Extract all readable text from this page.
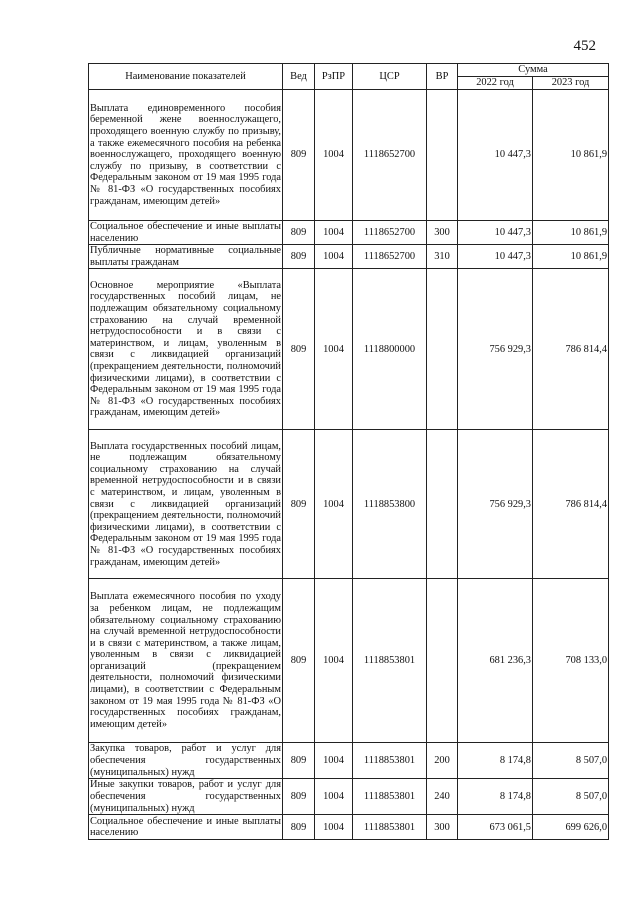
452
Наименование показателей	Вед	РзПР	ЦСР	ВР	Сумма	
					2022 год	2023 год
Выплата единовременного пособия беременной жене военнослужащего, проходящего военную службу по призыву, а также ежемесячного пособия на ребенка военнослужащего, проходящего военную службу по призыву, в соответствии с Федеральным законом от 19 мая 1995 года № 81-ФЗ «О государственных пособиях гражданам, имеющим детей»	809	1004	1118652700		10 447,3	10 861,9
Социальное обеспечение и иные выплаты населению	809	1004	1118652700	300	10 447,3	10 861,9
Публичные нормативные социальные выплаты гражданам	809	1004	1118652700	310	10 447,3	10 861,9
Основное мероприятие «Выплата государственных пособий лицам, не подлежащим обязательному социальному страхованию на случай временной нетрудоспособности и в связи с материнством, и лицам, уволенным в связи с ликвидацией организаций (прекращением деятельности, полномочий физическими лицами), в соответствии с Федеральным законом от 19 мая 1995 года № 81-ФЗ «О государственных пособиях гражданам, имеющим детей»	809	1004	1118800000		756 929,3	786 814,4
Выплата государственных пособий лицам, не подлежащим обязательному социальному страхованию на случай временной нетрудоспособности и в связи с материнством, и лицам, уволенным в связи с ликвидацией организаций (прекращением деятельности, полномочий физическими лицами), в соответствии с Федеральным законом от 19 мая 1995 года № 81-ФЗ «О государственных пособиях гражданам, имеющим детей»	809	1004	1118853800		756 929,3	786 814,4
Выплата ежемесячного пособия по уходу за ребенком лицам, не подлежащим обязательному социальному страхованию на случай временной нетрудоспособности и в связи с материнством, а также лицам, уволенным в связи с ликвидацией организаций (прекращением деятельности, полномочий физическими лицами), в соответствии с Федеральным законом от 19 мая 1995 года № 81-ФЗ «О государственных пособиях гражданам, имеющим детей»	809	1004	1118853801		681 236,3	708 133,0
Закупка товаров, работ и услуг для обеспечения государственных (муниципальных) нужд	809	1004	1118853801	200	8 174,8	8 507,0
Иные закупки товаров, работ и услуг для обеспечения государственных (муниципальных) нужд	809	1004	1118853801	240	8 174,8	8 507,0
Социальное обеспечение и иные выплаты населению	809	1004	1118853801	300	673 061,5	699 626,0
